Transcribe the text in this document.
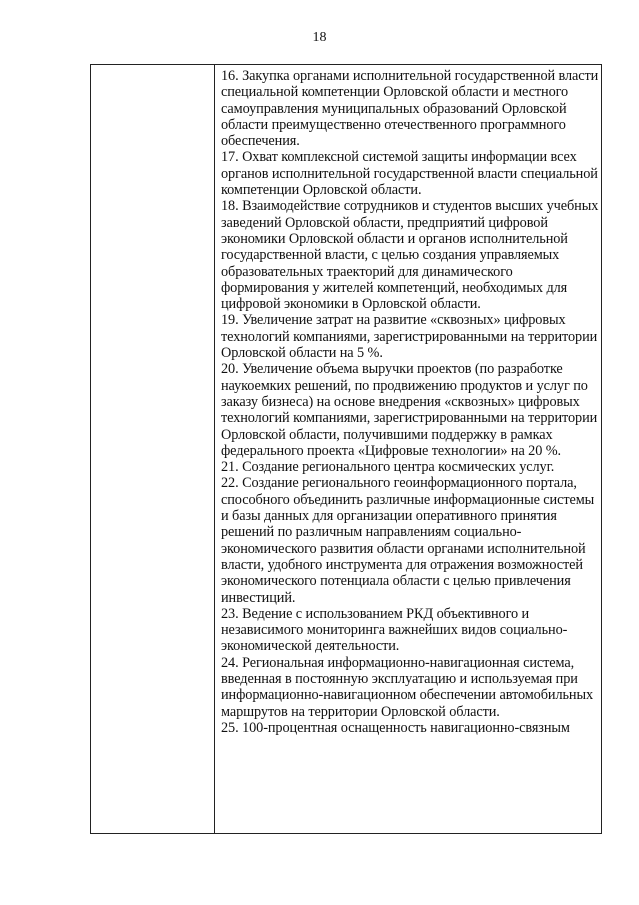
18

16. Закупка органами исполнительной государственной власти специальной компетенции Орловской области и местного самоуправления муниципальных образований Орловской области преимущественно отечественного программного обеспечения.

17. Охват комплексной системой защиты информации всех органов исполнительной государственной власти специальной компетенции Орловской области.

18. Взаимодействие сотрудников и студентов высших учебных заведений Орловской области, предприятий цифровой экономики Орловской области и органов исполнительной государственной власти, с целью создания управляемых образовательных траекторий для динамического формирования у жителей компетенций, необходимых для цифровой экономики в Орловской области.

19. Увеличение затрат на развитие «сквозных» цифровых технологий компаниями, зарегистрированными на территории Орловской области на 5 %.

20. Увеличение объема выручки проектов (по разработке наукоемких решений, по продвижению продуктов и услуг по заказу бизнеса) на основе внедрения «сквозных» цифровых технологий компаниями, зарегистрированными на территории Орловской области, получившими поддержку в рамках федерального проекта «Цифровые технологии» на 20 %.

21. Создание регионального центра космических услуг.

22. Создание регионального геоинформационного портала, способного объединить различные информационные системы и базы данных для организации оперативного принятия решений по различным направлениям социально-экономического развития области органами исполнительной власти, удобного инструмента для отражения возможностей экономического потенциала области с целью привлечения инвестиций.

23. Ведение с использованием РКД объективного и независимого мониторинга важнейших видов социально-экономической деятельности.

24. Региональная информационно-навигационная система, введенная в постоянную эксплуатацию и используемая при информационно-навигационном обеспечении автомобильных маршрутов на территории Орловской области.

25. 100-процентная оснащенность навигационно-связным
